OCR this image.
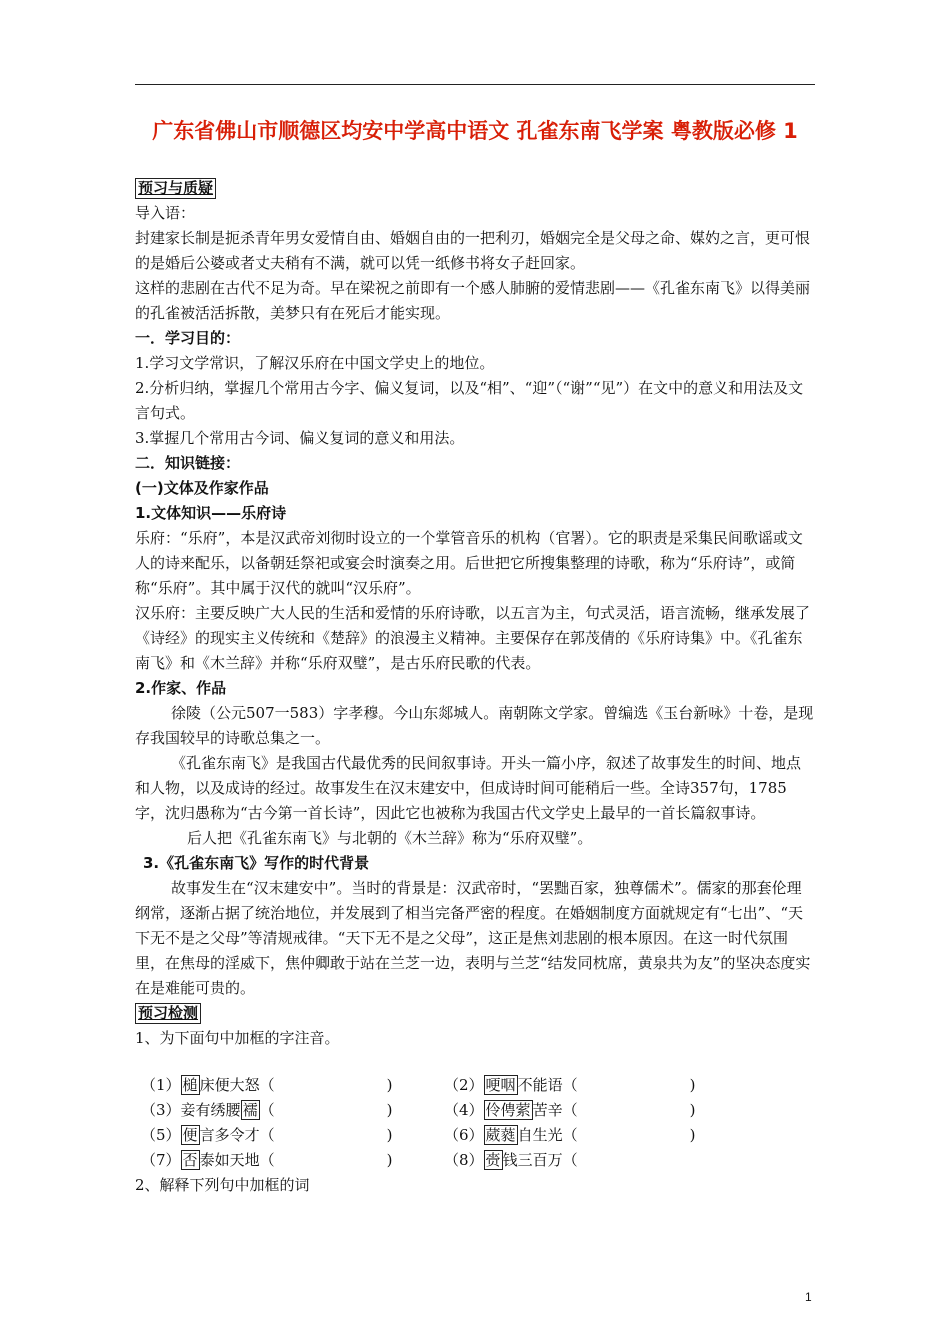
广东省佛山市顺德区均安中学高中语文 孔雀东南飞学案 粤教版必修 1

预习与质疑

导入语：

封建家长制是扼杀青年男女爱情自由、婚姻自由的一把利刃，婚姻完全是父母之命、媒妁之言，更可恨的是婚后公婆或者丈夫稍有不满，就可以凭一纸修书将女子赶回家。

这样的悲剧在古代不足为奇。早在梁祝之前即有一个感人肺腑的爱情悲剧——《孔雀东南飞》以得美丽的孔雀被活活拆散，美梦只有在死后才能实现。

一．学习目的：

1.学习文学常识，了解汉乐府在中国文学史上的地位。

2.分析归纳，掌握几个常用古今字、偏义复词，以及“相”、“迎”（“谢”“见”）在文中的意义和用法及文言句式。

3.掌握几个常用古今词、偏义复词的意义和用法。

二．知识链接：

(一)文体及作家作品

1.文体知识——乐府诗

乐府：“乐府”，本是汉武帝刘彻时设立的一个掌管音乐的机构（官署）。它的职责是采集民间歌谣或文人的诗来配乐，以备朝廷祭祀或宴会时演奏之用。后世把它所搜集整理的诗歌，称为“乐府诗”，或简称“乐府”。其中属于汉代的就叫“汉乐府”。

汉乐府：主要反映广大人民的生活和爱情的乐府诗歌，以五言为主，句式灵活，语言流畅，继承发展了《诗经》的现实主义传统和《楚辞》的浪漫主义精神。主要保存在郭茂倩的《乐府诗集》中。《孔雀东南飞》和《木兰辞》并称“乐府双璧”，是古乐府民歌的代表。

2.作家、作品

徐陵（公元507一583）字孝穆。今山东郯城人。南朝陈文学家。曾编选《玉台新咏》十卷，是现存我国较早的诗歌总集之一。

《孔雀东南飞》是我国古代最优秀的民间叙事诗。开头一篇小序，叙述了故事发生的时间、地点和人物，以及成诗的经过。故事发生在汉末建安中，但成诗时间可能稍后一些。全诗357句，1785字，沈归愚称为“古今第一首长诗”，因此它也被称为我国古代文学史上最早的一首长篇叙事诗。

后人把《孔雀东南飞》与北朝的《木兰辞》称为“乐府双璧”。

3.《孔雀东南飞》写作的时代背景

故事发生在“汉末建安中”。当时的背景是：汉武帝时，“罢黜百家，独尊儒术”。儒家的那套伦理纲常，逐渐占据了统治地位，并发展到了相当完备严密的程度。在婚姻制度方面就规定有“七出”、“天下无不是之父母”等清规戒律。“天下无不是之父母”，这正是焦刘悲剧的根本原因。在这一时代氛围里，在焦母的淫威下，焦仲卿敢于站在兰芝一边，表明与兰芝“结发同枕席，黄泉共为友”的坚决态度实在是难能可贵的。

预习检测

1、为下面句中加框的字注音。

（1） 槌 床便大怒（	)	（2） 哽咽 不能语（	)
（3）妾有绣腰 襦 （	)	（4） 伶俜萦 苦辛（	)
（5） 便 言多令才（	)	（6） 葳蕤 自生光（	)
（7） 否 泰如天地（	)	（8） 赍 钱三百万（

2、解释下列句中加框的词

1
